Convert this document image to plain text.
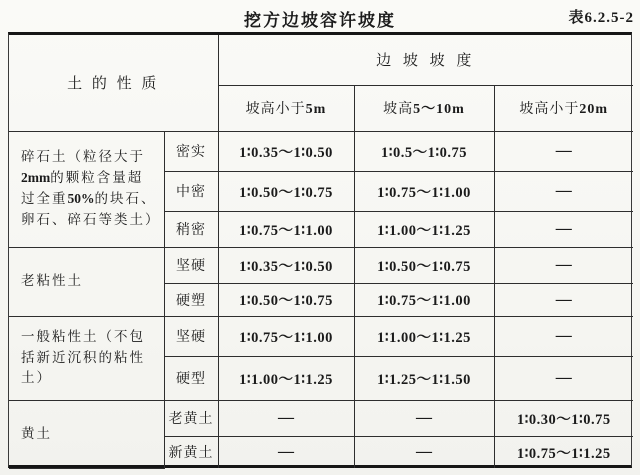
挖方边坡容许坡度	表6.2.5-2
土 的 性 质		边 坡 坡 度		
		坡高小于5m	坡高5～10m	坡高小于20m
碎石土（粒径大于2mm的颗粒含量超过全重50%的块石、卵石、碎石等类土）	密实	1∶0.35～1∶0.50	1∶0.5～1∶0.75	—
	中密	1∶0.50～1∶0.75	1∶0.75～1∶1.00	—
	稍密	1∶0.75～1∶1.00	1∶1.00～1∶1.25	—
老粘性土	坚硬	1∶0.35～1∶0.50	1∶0.50～1∶0.75	—
	硬塑	1∶0.50～1∶0.75	1∶0.75～1∶1.00	—
一般粘性土（不包括新近沉积的粘性土）	坚硬	1∶0.75～1∶1.00	1∶1.00～1∶1.25	—
	硬型	1∶1.00～1∶1.25	1∶1.25～1∶1.50	—
黄土	老黄土	—	—	1∶0.30～1∶0.75
	新黄土	—	—	1∶0.75～1∶1.25
